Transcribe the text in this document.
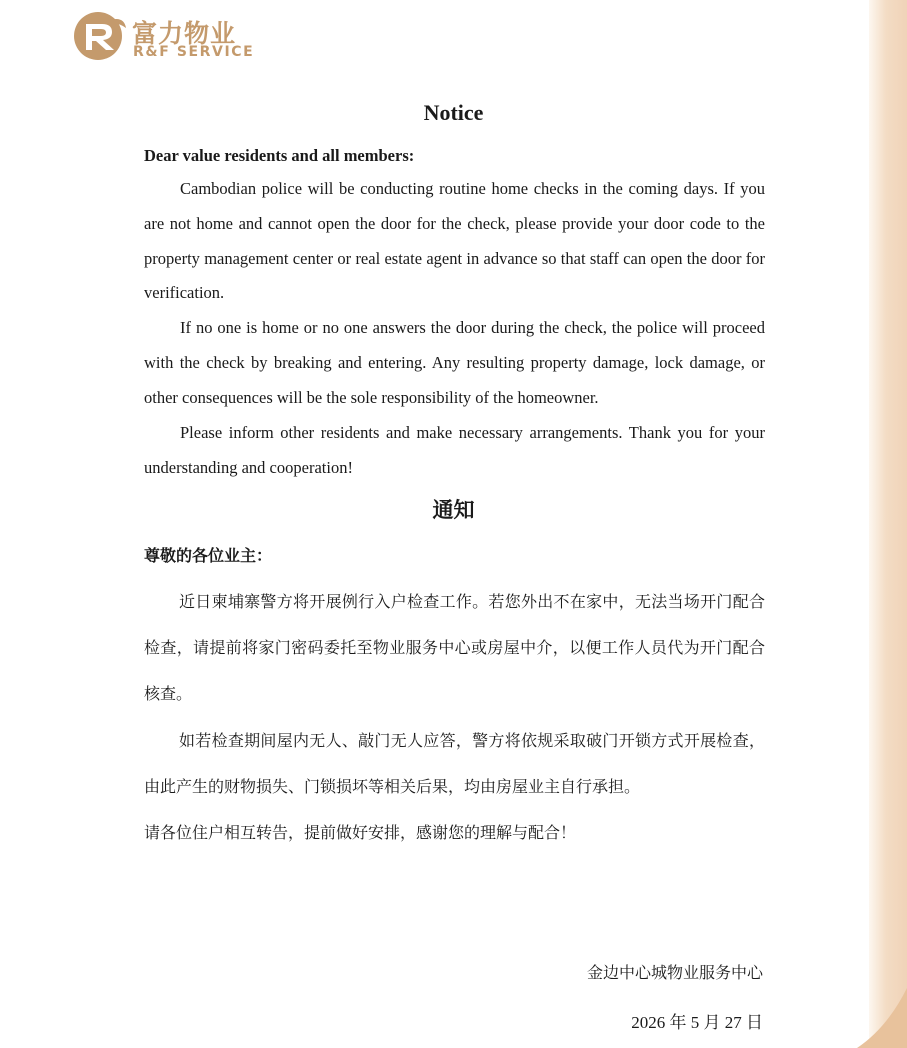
富力物业
R&F SERVICE
Notice
Dear value residents and all members:

Cambodian police will be conducting routine home checks in the coming days. If you are not home and cannot open the door for the check, please provide your door code to the property management center or real estate agent in advance so that staff can open the door for verification.

If no one is home or no one answers the door during the check, the police will proceed with the check by breaking and entering. Any resulting property damage, lock damage, or other consequences will be the sole responsibility of the homeowner.

Please inform other residents and make necessary arrangements. Thank you for your understanding and cooperation!

通知
尊敬的各位业主：

近日柬埔寨警方将开展例行入户检查工作。若您外出不在家中，无法当场开门配合检查，请提前将家门密码委托至物业服务中心或房屋中介，以便工作人员代为开门配合核查。

如若检查期间屋内无人、敲门无人应答，警方将依规采取破门开锁方式开展检查，由此产生的财物损失、门锁损坏等相关后果，均由房屋业主自行承担。

请各位住户相互转告，提前做好安排，感谢您的理解与配合！
金边中心城物业服务中心
2026 年 5 月 27 日
